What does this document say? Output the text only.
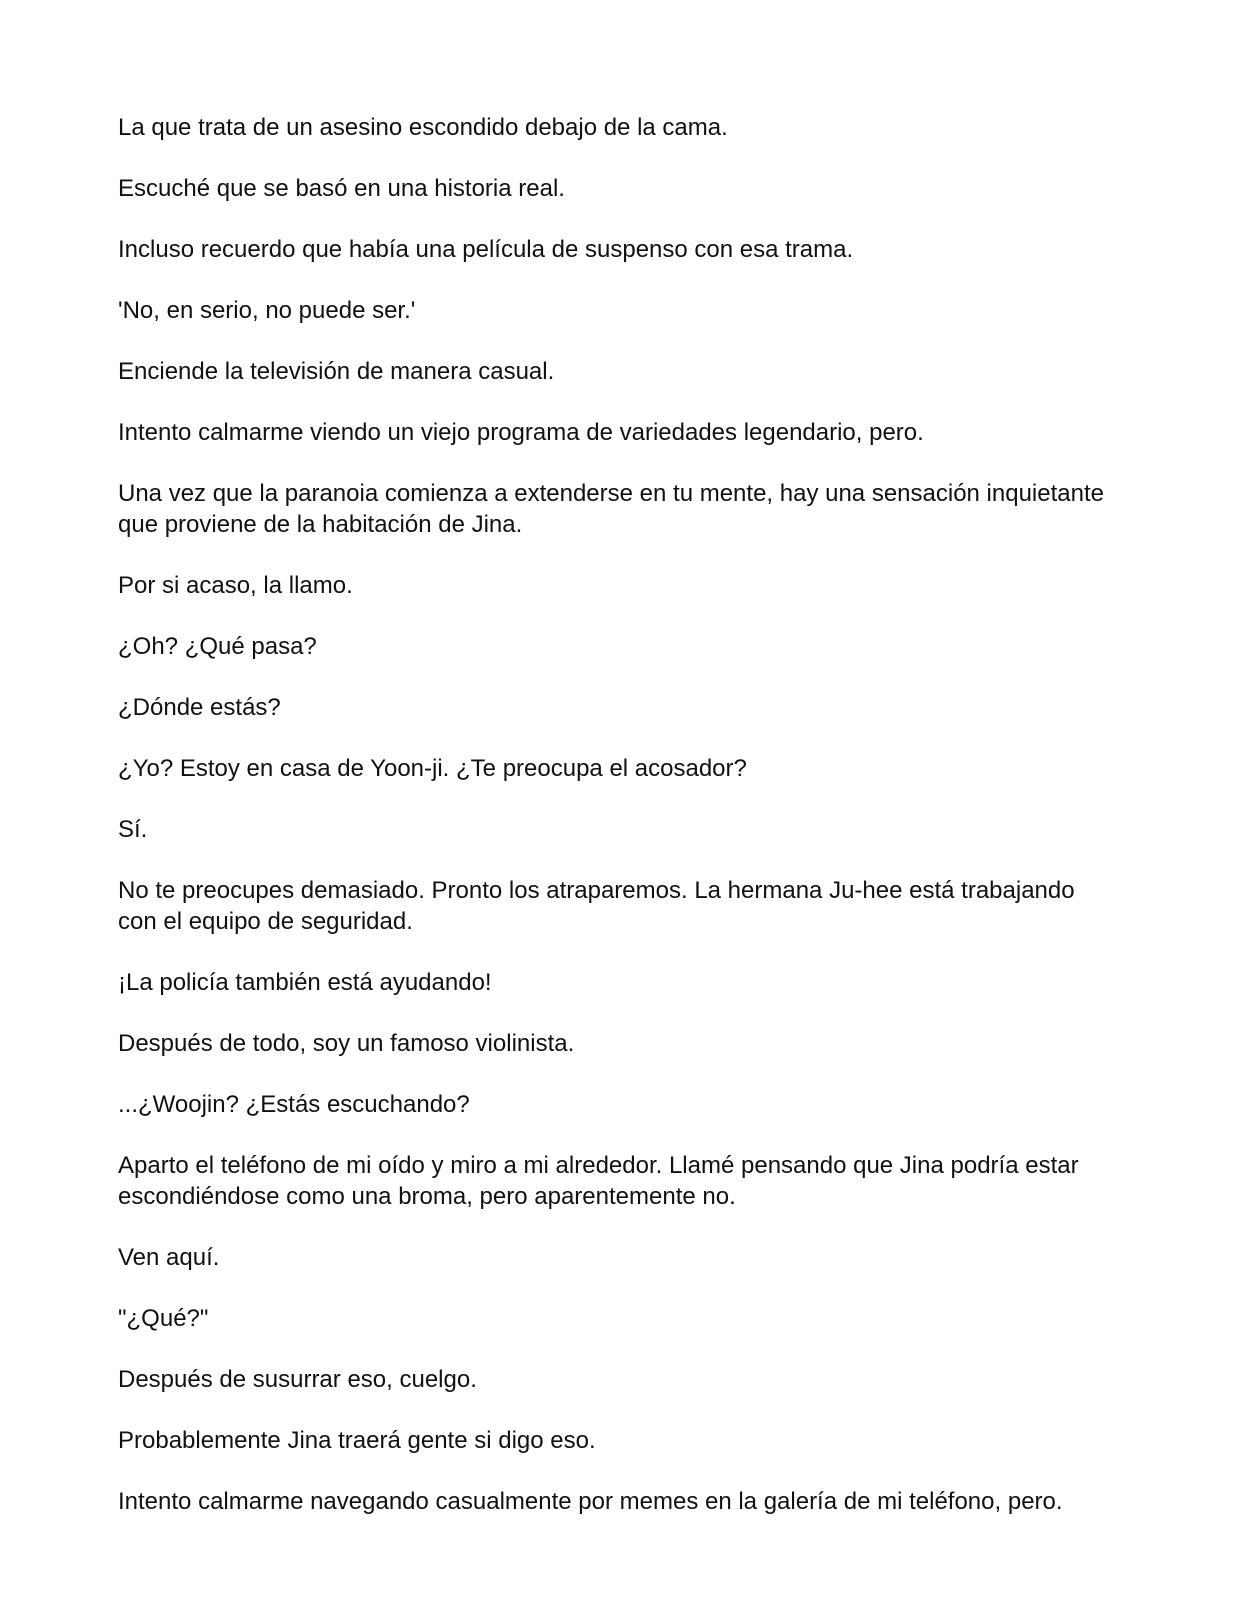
La que trata de un asesino escondido debajo de la cama.

Escuché que se basó en una historia real.

Incluso recuerdo que había una película de suspenso con esa trama.

'No, en serio, no puede ser.'

Enciende la televisión de manera casual.

Intento calmarme viendo un viejo programa de variedades legendario, pero.

Una vez que la paranoia comienza a extenderse en tu mente, hay una sensación inquietante que proviene de la habitación de Jina.

Por si acaso, la llamo.

¿Oh? ¿Qué pasa?

¿Dónde estás?

¿Yo? Estoy en casa de Yoon-ji. ¿Te preocupa el acosador?

Sí.

No te preocupes demasiado. Pronto los atraparemos. La hermana Ju-hee está trabajando con el equipo de seguridad.

¡La policía también está ayudando!

Después de todo, soy un famoso violinista.

...¿Woojin? ¿Estás escuchando?

Aparto el teléfono de mi oído y miro a mi alrededor. Llamé pensando que Jina podría estar escondiéndose como una broma, pero aparentemente no.

Ven aquí.

"¿Qué?"

Después de susurrar eso, cuelgo.

Probablemente Jina traerá gente si digo eso.

Intento calmarme navegando casualmente por memes en la galería de mi teléfono, pero.
